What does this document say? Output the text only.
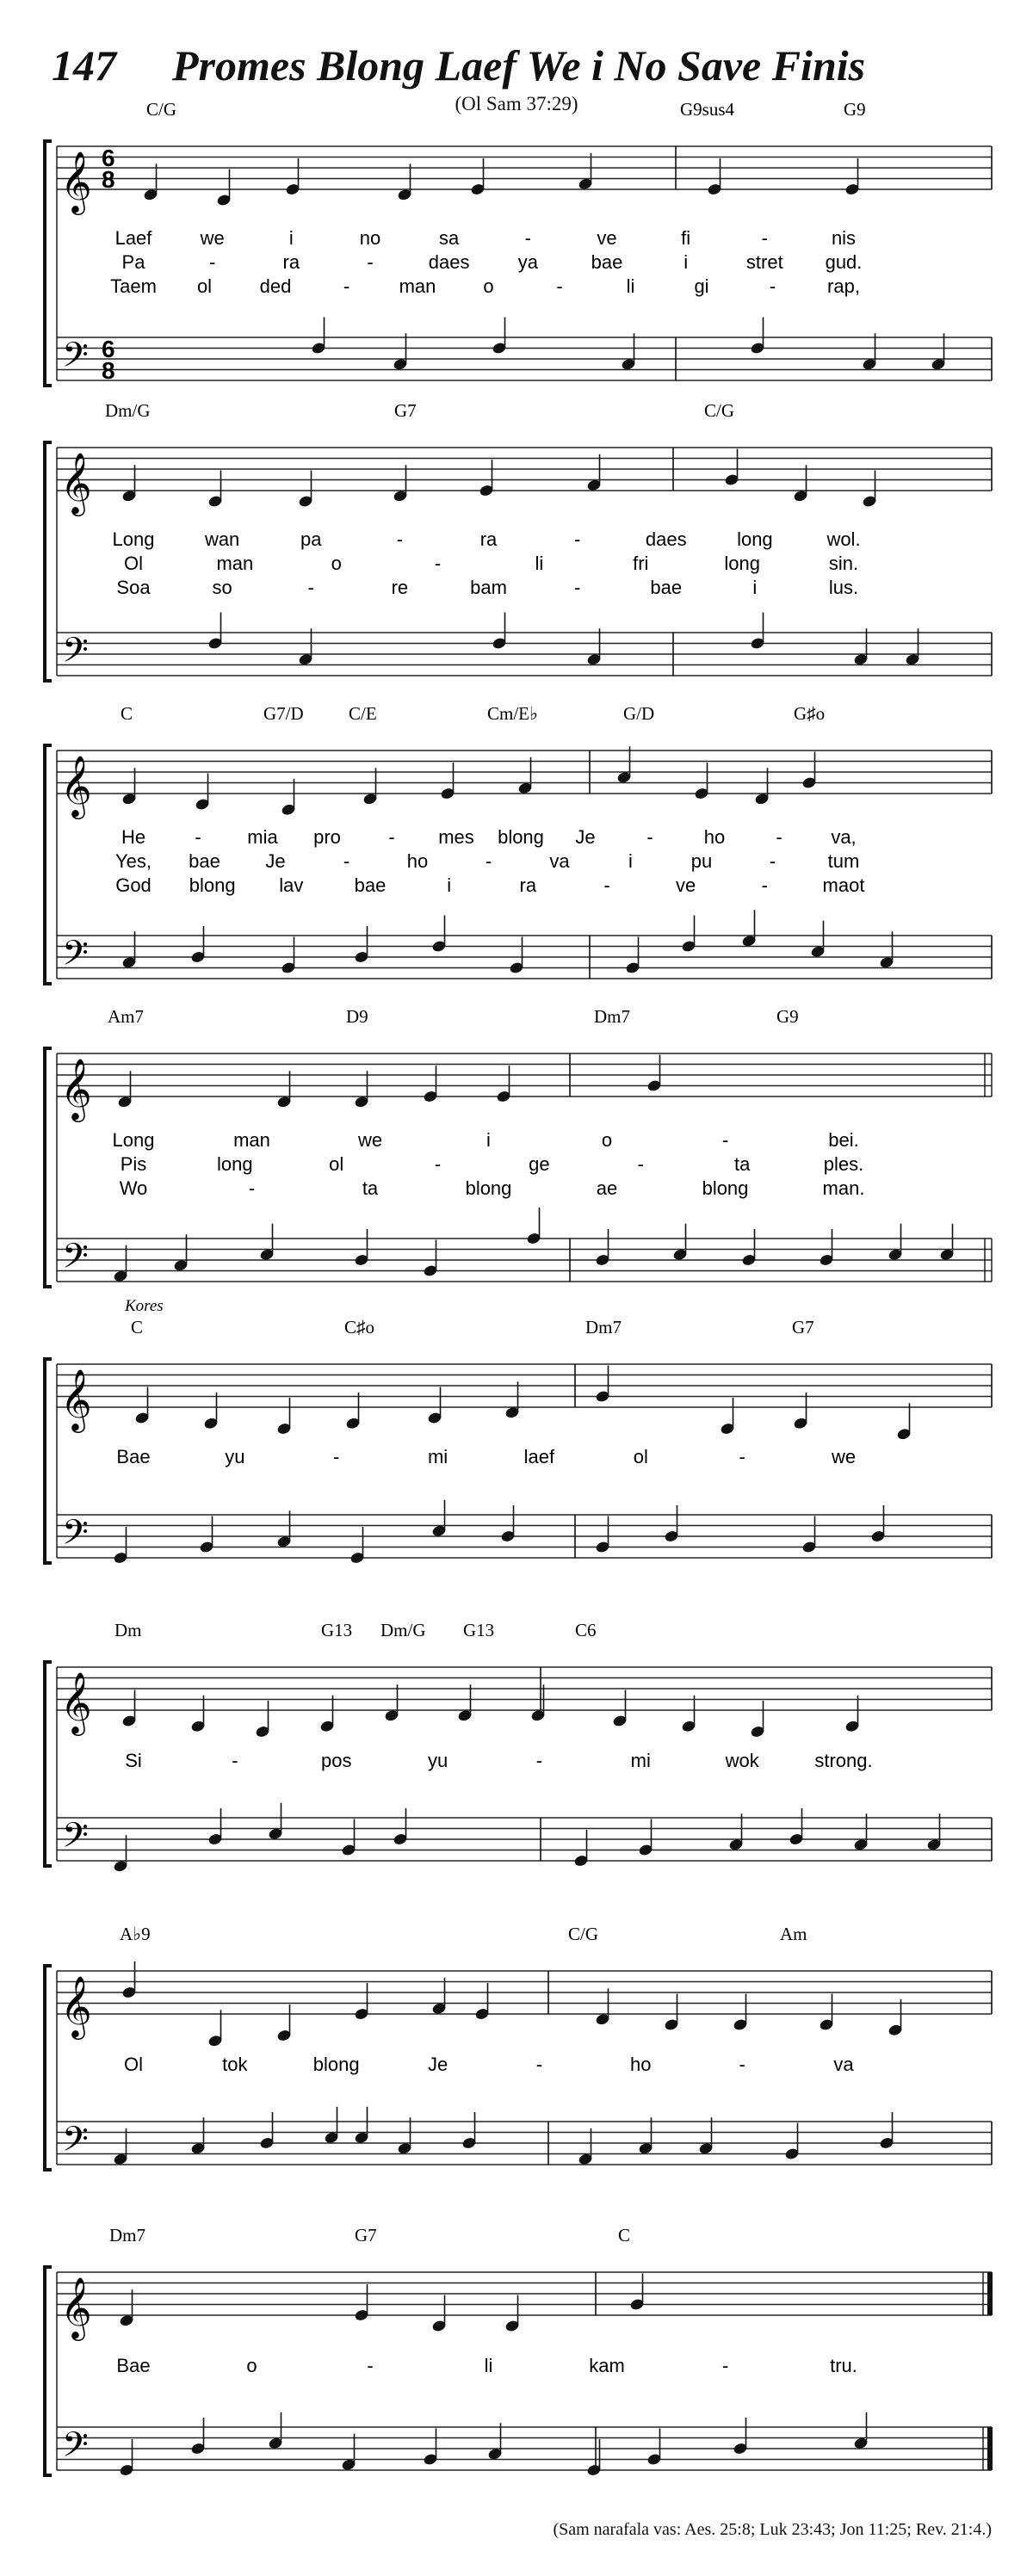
147 Promes Blong Laef We i No Save Finis
(Ol Sam 37:29)
𝄞
𝄢
6
8
6
8
C/G	G9sus4	G9
Laef	we	i	no	sa	-	ve	fi	-	nis
Pa	-	ra	-	daes	ya	bae	i	stret gud.
Taem ol	ded	-	man o	-	li	gi	-	rap,
𝄞
𝄢
Dm/G	G7	C/G
Long	wan	pa	-	ra	-	daes	long	wol.
Ol	man	o	-	li	fri	long	sin.
Soa	so	-	re	bam	-	bae	i	lus.
𝄞
𝄢
C	G7/D C/E	Cm/E♭	G/D	G♯o
He	- mia pro	- mes blong Je	-	ho	-	va,
Yes, bae Je	-	ho	-	va	i	pu	-	tum
God blong lav	bae	i	ra	-	ve	-	maot
𝄞
𝄢
Am7	D9	Dm7	G9
Long	man	we	i	o	-	bei.
Pis	long	ol	-	ge	-	ta	ples.
Wo	-	ta	blong	ae	blong	man.
𝄞
𝄢
Kores
C	C♯o	Dm7	G7
Bae	yu	-	mi	laef	ol	-	we
𝄞
𝄢
Dm	G13 Dm/G G13	C6
Si	-	pos	yu	-	mi	wok	strong.
𝄞
𝄢
A♭9	C/G	Am
Ol	tok	blong	Je	-	ho	-	va
𝄞
𝄢
Dm7	G7	C
Bae	o	-	li	kam	-	tru.
(Sam narafala vas: Aes. 25:8; Luk 23:43; Jon 11:25; Rev. 21:4.)
